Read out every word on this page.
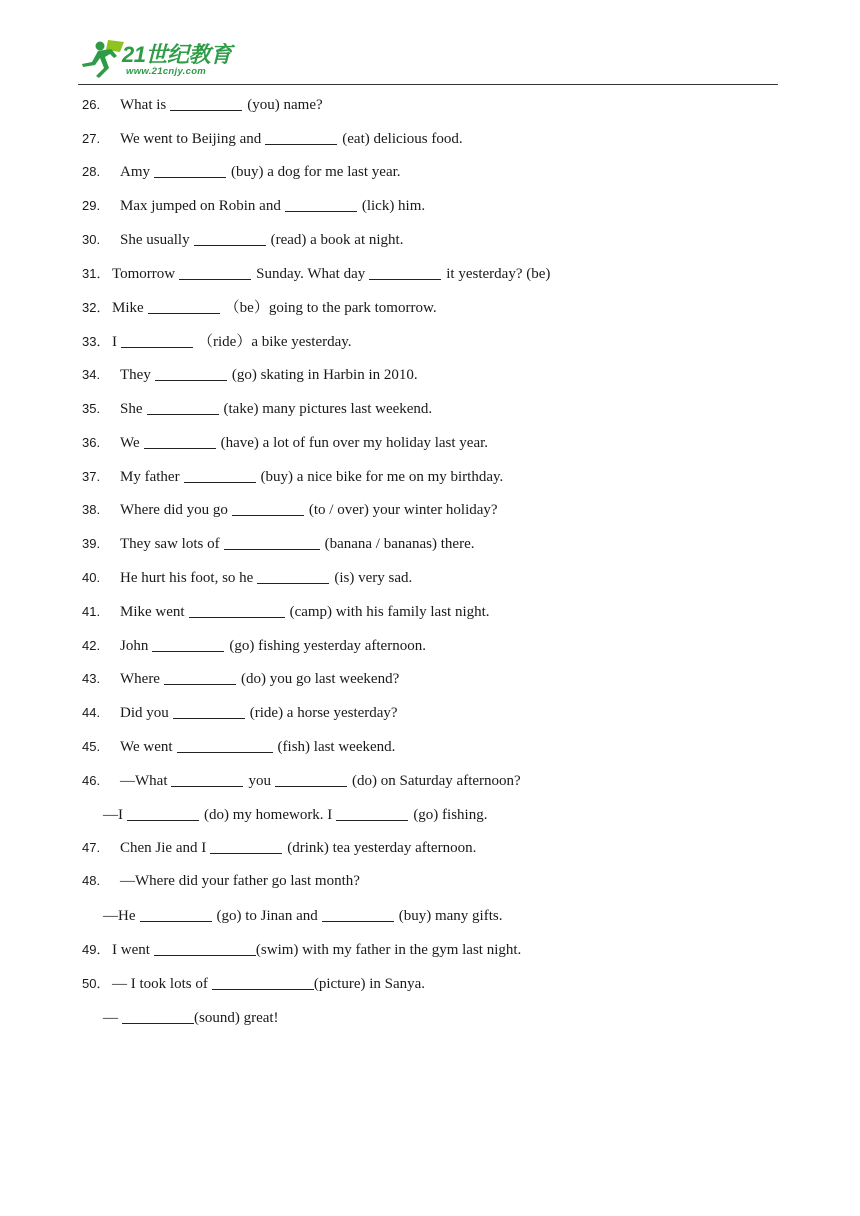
21世纪教育
www.21cnjy.com
26. What is	(you) name?
27. We went to Beijing and	(eat) delicious food.
28. Amy	(buy) a dog for me last year.
29. Max jumped on Robin and	(lick) him.
30. She usually	(read) a book at night.
31． Tomorrow	Sunday. What day	it yesterday? (be)
32． Mike	（be）going to the park tomorrow.
33． I	（ride）a bike yesterday.
34. They	(go) skating in Harbin in 2010.
35. She	(take) many pictures last weekend.
36. We	(have) a lot of fun over my holiday last year.
37. My father	(buy) a nice bike for me on my birthday.
38. Where did you go	(to / over) your winter holiday?
39. They saw lots of	(banana / bananas) there.
40. He hurt his foot, so he	(is) very sad.
41. Mike went	(camp) with his family last night.
42. John	(go) fishing yesterday afternoon.
43. Where	(do) you go last weekend?
44. Did you	(ride) a horse yesterday?
45. We went	(fish) last weekend.
46. —What	you	(do) on Saturday afternoon?
—I	(do) my homework. I	(go) fishing.
47. Chen Jie and I	(drink) tea yesterday afternoon.
48. —Where did your father go last month?
—He	(go) to Jinan and	(buy) many gifts.
49． I went	(swim) with my father in the gym last night.
50． — I took lots of	(picture) in Sanya.
—	(sound) great!
